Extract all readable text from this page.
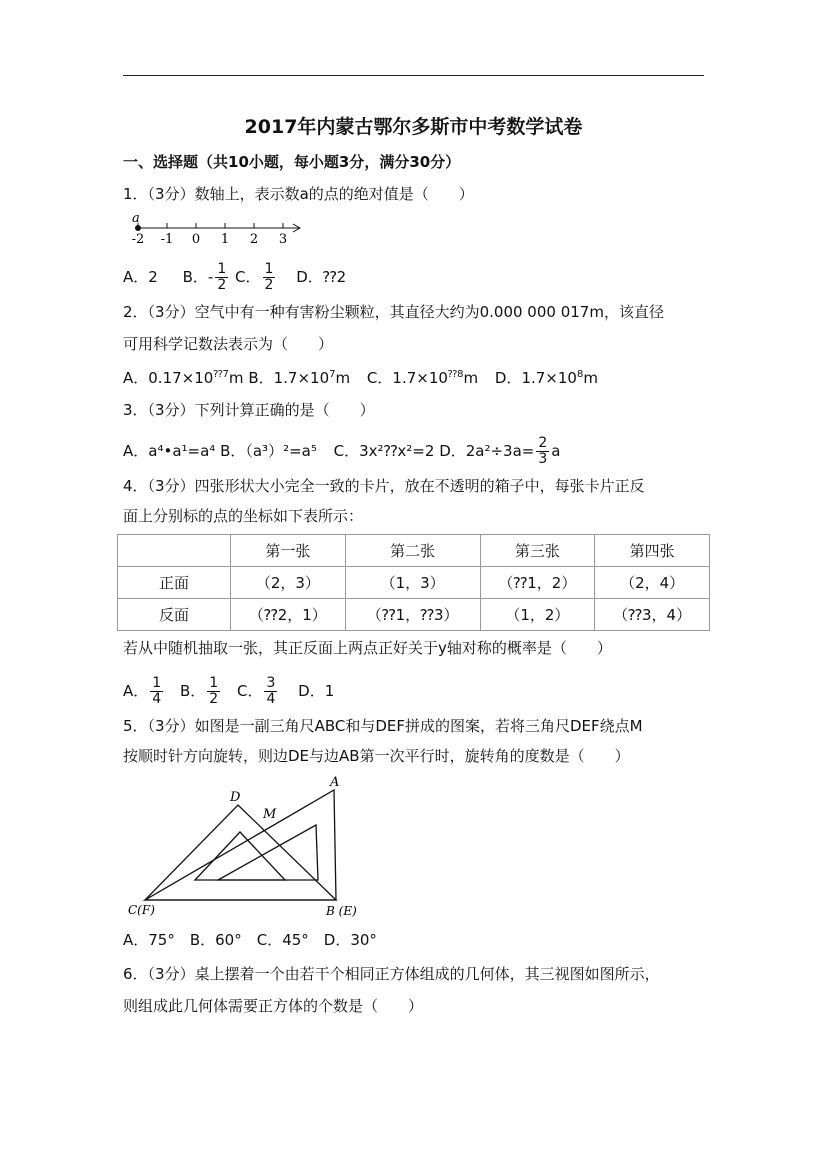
2017年内蒙古鄂尔多斯市中考数学试卷
一、选择题（共10小题，每小题3分，满分30分）
1．（3分）数轴上，表示数a的点的绝对值是（　　）
-2 -1 0 1 2 3
a
A．2 B．- $\frac{1}{2}$ C． $\frac{1}{2}$ D．⁇2
2．（3分）空气中有一种有害粉尘颗粒，其直径大约为0.000 000 017m，该直径
可用科学记数法表示为（　　）
A．$0.17\times 10^{⁇7}m$ B．$1.7\times 10^7m$ C．$1.7\times 10^{⁇8}m$ D．$1.7\times 10^8m$
3．（3分）下列计算正确的是（　　）
A．a⁴•a¹=a⁴ B．（a³）²=a⁵ C．3x²⁇x²=2 D．$2a^2\div 3a= \frac{2}{3}$ a
4．（3分）四张形状大小完全一致的卡片，放在不透明的箱子中，每张卡片正反
面上分别标的点的坐标如下表所示：
	第一张	第二张	第三张	第四张
正面	（2，3）	（1，3）	（⁇1，2）	（2，4）
反面	（⁇2，1）	（⁇1，⁇3）	（1，2）	（⁇3，4）
若从中随机抽取一张，其正反面上两点正好关于y轴对称的概率是（　　）
A． $\frac{1}{4}$ B． $\frac{1}{2}$ C． $\frac{3}{4}$ D．1
5．（3分）如图是一副三角尺ABC和与DEF拼成的图案，若将三角尺DEF绕点M
按顺时针方向旋转，则边DE与边AB第一次平行时，旋转角的度数是（　　）
A
D
M
C(F)	B (E)
A．75°　B．60°　C．45°　D．30°
6．（3分）桌上摆着一个由若干个相同正方体组成的几何体，其三视图如图所示，
则组成此几何体需要正方体的个数是（　　）
